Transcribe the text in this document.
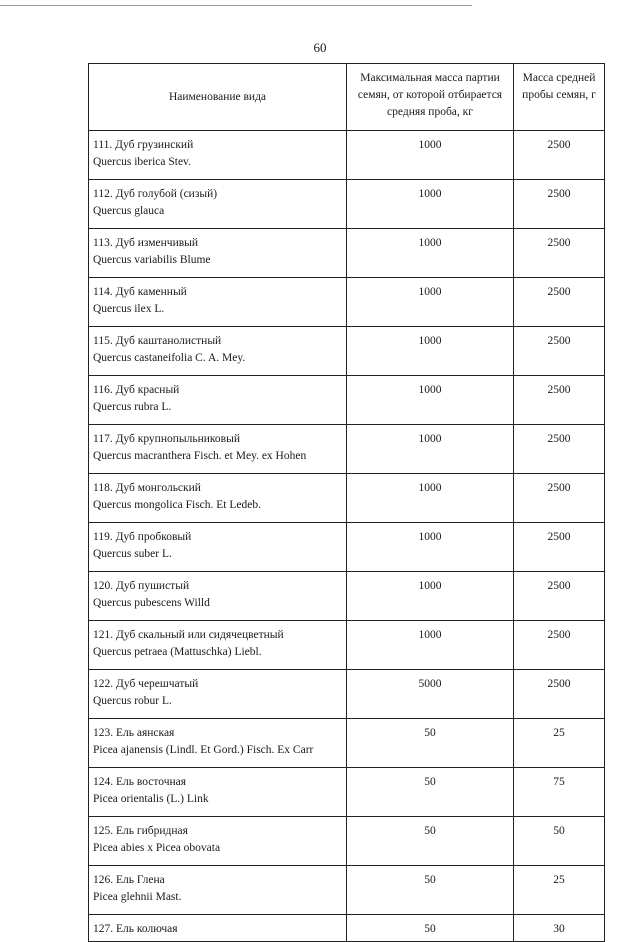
60
Наименование вида	Максимальная масса партии семян, от которой отбирается средняя проба, кг	Масса средней пробы семян, г

111. Дуб грузинский
Quercus iberica Stev.	1000	2500

112. Дуб голубой (сизый)
Quercus glauca	1000	2500

113. Дуб изменчивый
Quercus variabilis Blume	1000	2500

114. Дуб каменный
Quercus ilex L.	1000	2500

115. Дуб каштанолистный
Quercus castaneifolia C. A. Mey.	1000	2500

116. Дуб красный
Quercus rubra L.	1000	2500

117. Дуб крупнопыльниковый
Quercus macranthera Fisch. et Mey. ex Hohen	1000	2500

118. Дуб монгольский
Quercus mongolica Fisch. Et Ledeb.	1000	2500

119. Дуб пробковый
Quercus suber L.	1000	2500

120. Дуб пушистый
Quercus pubescens Willd	1000	2500

121. Дуб скальный или сидячецветный
Quercus petraea (Mattuschka) Liebl.	1000	2500

122. Дуб черешчатый
Quercus robur L.	5000	2500

123. Ель аянская
Picea ajanensis (Lindl. Et Gord.) Fisch. Ex Carr	50	25

124. Ель восточная
Picea orientalis (L.) Link	50	75

125. Ель гибридная
Picea abies x Picea obovata	50	50

126. Ель Глена
Picea glehnii Mast.	50	25

127. Ель колючая	50	30
